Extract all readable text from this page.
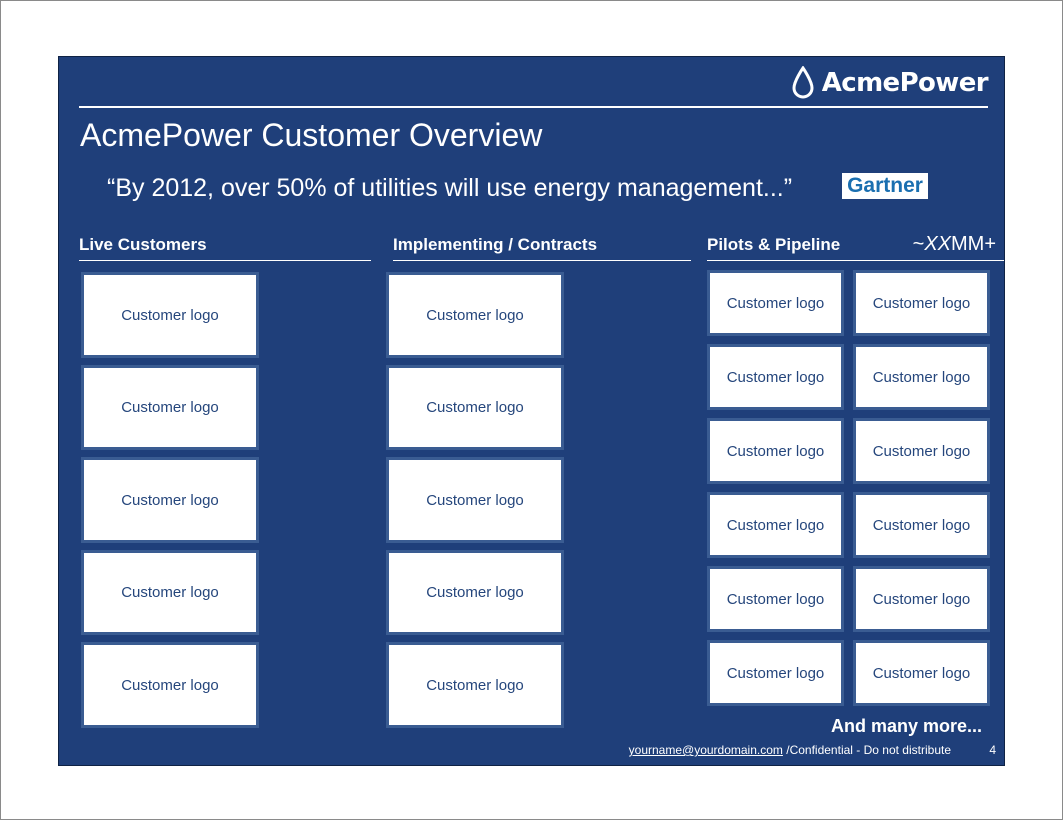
AcmePower
AcmePower Customer Overview
“By 2012, over 50% of utilities will use energy management...”	Gartner
Live Customers	Implementing / Contracts	Pilots & Pipeline	~XXMM+
Customer logo
Customer logo
Customer logo
Customer logo
Customer logo
Customer logo
Customer logo
Customer logo
Customer logo
Customer logo
Customer logo	Customer logo
Customer logo	Customer logo
Customer logo	Customer logo
Customer logo	Customer logo
Customer logo	Customer logo
Customer logo	Customer logo
And many more...
yourname@yourdomain.com /Confidential - Do not distribute	4
